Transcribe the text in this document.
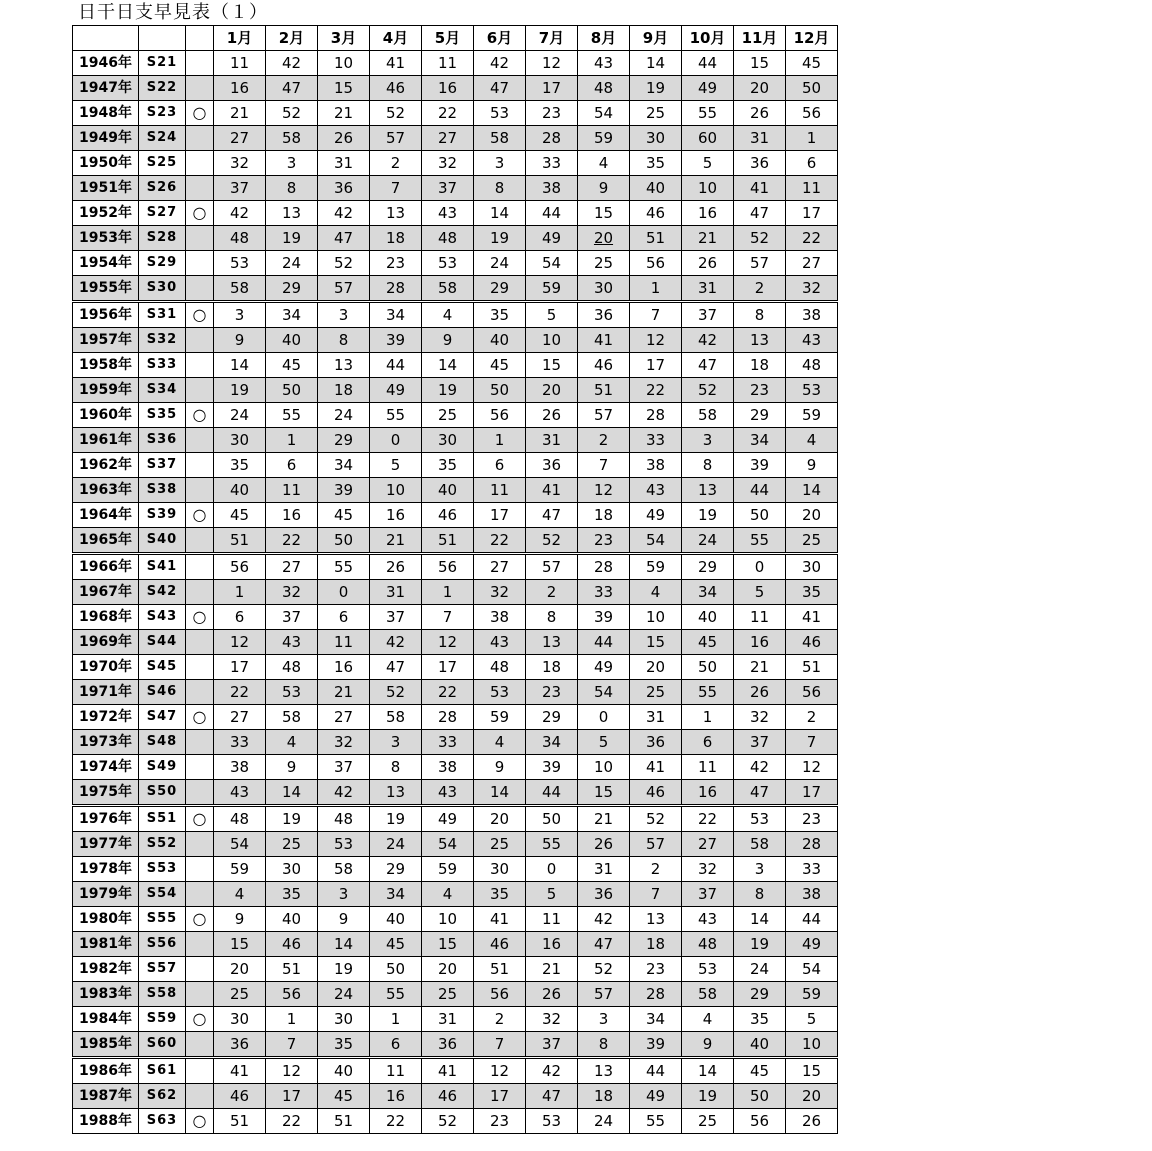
日干日支早見表（１）
			1月	2月	3月	4月	5月	6月	7月	8月	9月	10月	11月	12月
1946年	S21		11	42	10	41	11	42	12	43	14	44	15	45
1947年	S22		16	47	15	46	16	47	17	48	19	49	20	50
1948年	S23	○	21	52	21	52	22	53	23	54	25	55	26	56
1949年	S24		27	58	26	57	27	58	28	59	30	60	31	1
1950年	S25		32	3	31	2	32	3	33	4	35	5	36	6
1951年	S26		37	8	36	7	37	8	38	9	40	10	41	11
1952年	S27	○	42	13	42	13	43	14	44	15	46	16	47	17
1953年	S28		48	19	47	18	48	19	49	20	51	21	52	22
1954年	S29		53	24	52	23	53	24	54	25	56	26	57	27
1955年	S30		58	29	57	28	58	29	59	30	1	31	2	32
1956年	S31	○	3	34	3	34	4	35	5	36	7	37	8	38
1957年	S32		9	40	8	39	9	40	10	41	12	42	13	43
1958年	S33		14	45	13	44	14	45	15	46	17	47	18	48
1959年	S34		19	50	18	49	19	50	20	51	22	52	23	53
1960年	S35	○	24	55	24	55	25	56	26	57	28	58	29	59
1961年	S36		30	1	29	0	30	1	31	2	33	3	34	4
1962年	S37		35	6	34	5	35	6	36	7	38	8	39	9
1963年	S38		40	11	39	10	40	11	41	12	43	13	44	14
1964年	S39	○	45	16	45	16	46	17	47	18	49	19	50	20
1965年	S40		51	22	50	21	51	22	52	23	54	24	55	25
1966年	S41		56	27	55	26	56	27	57	28	59	29	0	30
1967年	S42		1	32	0	31	1	32	2	33	4	34	5	35
1968年	S43	○	6	37	6	37	7	38	8	39	10	40	11	41
1969年	S44		12	43	11	42	12	43	13	44	15	45	16	46
1970年	S45		17	48	16	47	17	48	18	49	20	50	21	51
1971年	S46		22	53	21	52	22	53	23	54	25	55	26	56
1972年	S47	○	27	58	27	58	28	59	29	0	31	1	32	2
1973年	S48		33	4	32	3	33	4	34	5	36	6	37	7
1974年	S49		38	9	37	8	38	9	39	10	41	11	42	12
1975年	S50		43	14	42	13	43	14	44	15	46	16	47	17
1976年	S51	○	48	19	48	19	49	20	50	21	52	22	53	23
1977年	S52		54	25	53	24	54	25	55	26	57	27	58	28
1978年	S53		59	30	58	29	59	30	0	31	2	32	3	33
1979年	S54		4	35	3	34	4	35	5	36	7	37	8	38
1980年	S55	○	9	40	9	40	10	41	11	42	13	43	14	44
1981年	S56		15	46	14	45	15	46	16	47	18	48	19	49
1982年	S57		20	51	19	50	20	51	21	52	23	53	24	54
1983年	S58		25	56	24	55	25	56	26	57	28	58	29	59
1984年	S59	○	30	1	30	1	31	2	32	3	34	4	35	5
1985年	S60		36	7	35	6	36	7	37	8	39	9	40	10
1986年	S61		41	12	40	11	41	12	42	13	44	14	45	15
1987年	S62		46	17	45	16	46	17	47	18	49	19	50	20
1988年	S63	○	51	22	51	22	52	23	53	24	55	25	56	26
